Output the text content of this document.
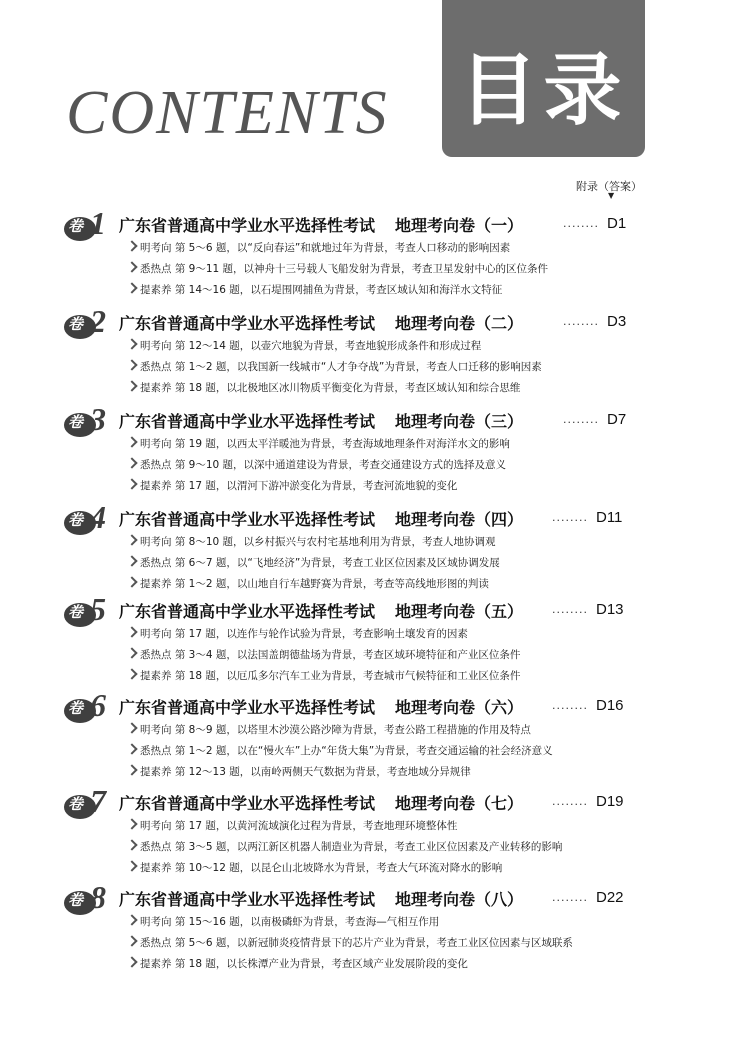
CONTENTS 目录
附录（答案）
▼
卷 1 广东省普通高中学业水平选择性考试 地理考向卷（一）	········ D1
明考向 第 5～6 题，以“反向春运”和就地过年为背景，考查人口移动的影响因素
悉热点 第 9～11 题，以神舟十三号载人飞船发射为背景，考查卫星发射中心的区位条件
提素养 第 14～16 题，以石堤围网捕鱼为背景，考查区域认知和海洋水文特征
卷 2 广东省普通高中学业水平选择性考试 地理考向卷（二）	········ D3
明考向 第 12～14 题，以壶穴地貌为背景，考查地貌形成条件和形成过程
悉热点 第 1～2 题，以我国新一线城市“人才争夺战”为背景，考查人口迁移的影响因素
提素养 第 18 题，以北极地区冰川物质平衡变化为背景，考查区域认知和综合思维
卷 3 广东省普通高中学业水平选择性考试 地理考向卷（三）	········ D7
明考向 第 19 题，以西太平洋暖池为背景，考查海域地理条件对海洋水文的影响
悉热点 第 9～10 题，以深中通道建设为背景，考查交通建设方式的选择及意义
提素养 第 17 题，以渭河下游冲淤变化为背景，考查河流地貌的变化
卷 4 广东省普通高中学业水平选择性考试 地理考向卷（四）	········ D11
明考向 第 8～10 题，以乡村振兴与农村宅基地利用为背景，考查人地协调观
悉热点 第 6～7 题，以“飞地经济”为背景，考查工业区位因素及区域协调发展
提素养 第 1～2 题，以山地自行车越野赛为背景，考查等高线地形图的判读
卷 5 广东省普通高中学业水平选择性考试 地理考向卷（五）	········ D13
明考向 第 17 题，以连作与轮作试验为背景，考查影响土壤发育的因素
悉热点 第 3～4 题，以法国盖朗德盐场为背景，考查区域环境特征和产业区位条件
提素养 第 18 题，以厄瓜多尔汽车工业为背景，考查城市气候特征和工业区位条件
卷 6 广东省普通高中学业水平选择性考试 地理考向卷（六）	········ D16
明考向 第 8～9 题，以塔里木沙漠公路沙障为背景，考查公路工程措施的作用及特点
悉热点 第 1～2 题，以在“慢火车”上办“年货大集”为背景，考查交通运输的社会经济意义
提素养 第 12～13 题，以南岭两侧天气数据为背景，考查地域分异规律
卷 7 广东省普通高中学业水平选择性考试 地理考向卷（七）	········ D19
明考向 第 17 题，以黄河流域演化过程为背景，考查地理环境整体性
悉热点 第 3～5 题，以两江新区机器人制造业为背景，考查工业区位因素及产业转移的影响
提素养 第 10～12 题，以昆仑山北坡降水为背景，考查大气环流对降水的影响
卷 8 广东省普通高中学业水平选择性考试 地理考向卷（八）	········ D22
明考向 第 15～16 题，以南极磷虾为背景，考查海—气相互作用
悉热点 第 5～6 题，以新冠肺炎疫情背景下的芯片产业为背景，考查工业区位因素与区域联系
提素养 第 18 题，以长株潭产业为背景，考查区域产业发展阶段的变化
